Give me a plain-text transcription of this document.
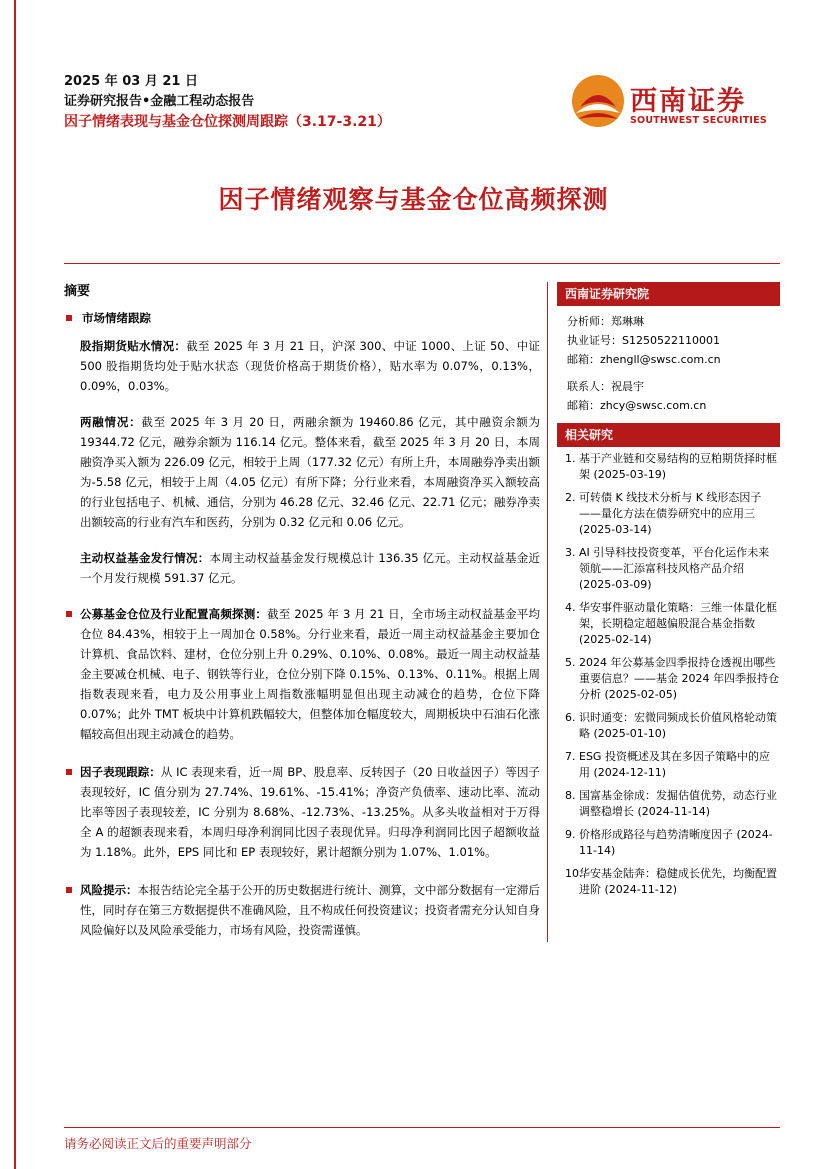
2025 年 03 月 21 日
证券研究报告•金融工程动态报告
因子情绪表现与基金仓位探测周跟踪（3.17-3.21）
西南证券
SOUTHWEST SECURITIES
因子情绪观察与基金仓位高频探测
摘要
市场情绪跟踪

股指期货贴水情况：截至 2025 年 3 月 21 日，沪深 300、中证 1000、上证 50、中证 500 股指期货均处于贴水状态（现货价格高于期货价格），贴水率为 0.07%，0.13%，0.09%，0.03%。

两融情况：截至 2025 年 3 月 20 日，两融余额为 19460.86 亿元，其中融资余额为 19344.72 亿元，融券余额为 116.14 亿元。整体来看，截至 2025 年 3 月 20 日，本周融资净买入额为 226.09 亿元，相较于上周（177.32 亿元）有所上升，本周融券净卖出额为-5.58 亿元，相较于上周（4.05 亿元）有所下降；分行业来看，本周融资净买入额较高的行业包括电子、机械、通信，分别为 46.28 亿元、32.46 亿元、22.71 亿元；融券净卖出额较高的行业有汽车和医药，分别为 0.32 亿元和 0.06 亿元。

主动权益基金发行情况：本周主动权益基金发行规模总计 136.35 亿元。主动权益基金近一个月发行规模 591.37 亿元。

公募基金仓位及行业配置高频探测：截至 2025 年 3 月 21 日，全市场主动权益基金平均仓位 84.43%，相较于上一周加仓 0.58%。分行业来看，最近一周主动权益基金主要加仓计算机、食品饮料、建材，仓位分别上升 0.29%、0.10%、0.08%。最近一周主动权益基金主要减仓机械、电子、钢铁等行业，仓位分别下降 0.15%、0.13%、0.11%。根据上周指数表现来看，电力及公用事业上周指数涨幅明显但出现主动减仓的趋势，仓位下降 0.07%；此外 TMT 板块中计算机跌幅较大，但整体加仓幅度较大，周期板块中石油石化涨幅较高但出现主动减仓的趋势。

因子表现跟踪：从 IC 表现来看，近一周 BP、股息率、反转因子（20 日收益因子）等因子表现较好，IC 值分别为 27.74%、19.61%、-15.41%；净资产负债率、速动比率、流动比率等因子表现较差，IC 分别为 8.68%、-12.73%、-13.25%。从多头收益相对于万得全 A 的超额表现来看，本周归母净利润同比因子表现优异。归母净利润同比因子超额收益为 1.18%。此外，EPS 同比和 EP 表现较好，累计超额分别为 1.07%、1.01%。

风险提示：本报告结论完全基于公开的历史数据进行统计、测算，文中部分数据有一定滞后性，同时存在第三方数据提供不准确风险，且不构成任何投资建议；投资者需充分认知自身风险偏好以及风险承受能力，市场有风险，投资需谨慎。

西南证券研究院
分析师：郑琳琳
执业证号：S1250522110001
邮箱：zhengll@swsc.com.cn
联系人：祝晨宇
邮箱：zhcy@swsc.com.cn
相关研究
1. 基于产业链和交易结构的豆粕期货择时框架 (2025-03-19)
2. 可转债 K 线技术分析与 K 线形态因子——量化方法在债券研究中的应用三 (2025-03-14)
3. AI 引导科技投资变革，平台化运作未来领航——汇添富科技风格产品介绍 (2025-03-09)
4. 华安事件驱动量化策略：三维一体量化框架，长期稳定超越偏股混合基金指数 (2025-02-14)
5. 2024 年公募基金四季报持仓透视出哪些重要信息？——基金 2024 年四季报持仓分析 (2025-02-05)
6. 识时通变：宏微同频成长价值风格轮动策略 (2025-01-10)
7. ESG 投资概述及其在多因子策略中的应用 (2024-12-11)
8. 国富基金徐成：发掘估值优势，动态行业调整稳增长 (2024-11-14)
9. 价格形成路径与趋势清晰度因子 (2024-11-14)
10.
华安基金陆奔：稳健成长优先，均衡配置进阶 (2024-11-12)
请务必阅读正文后的重要声明部分
